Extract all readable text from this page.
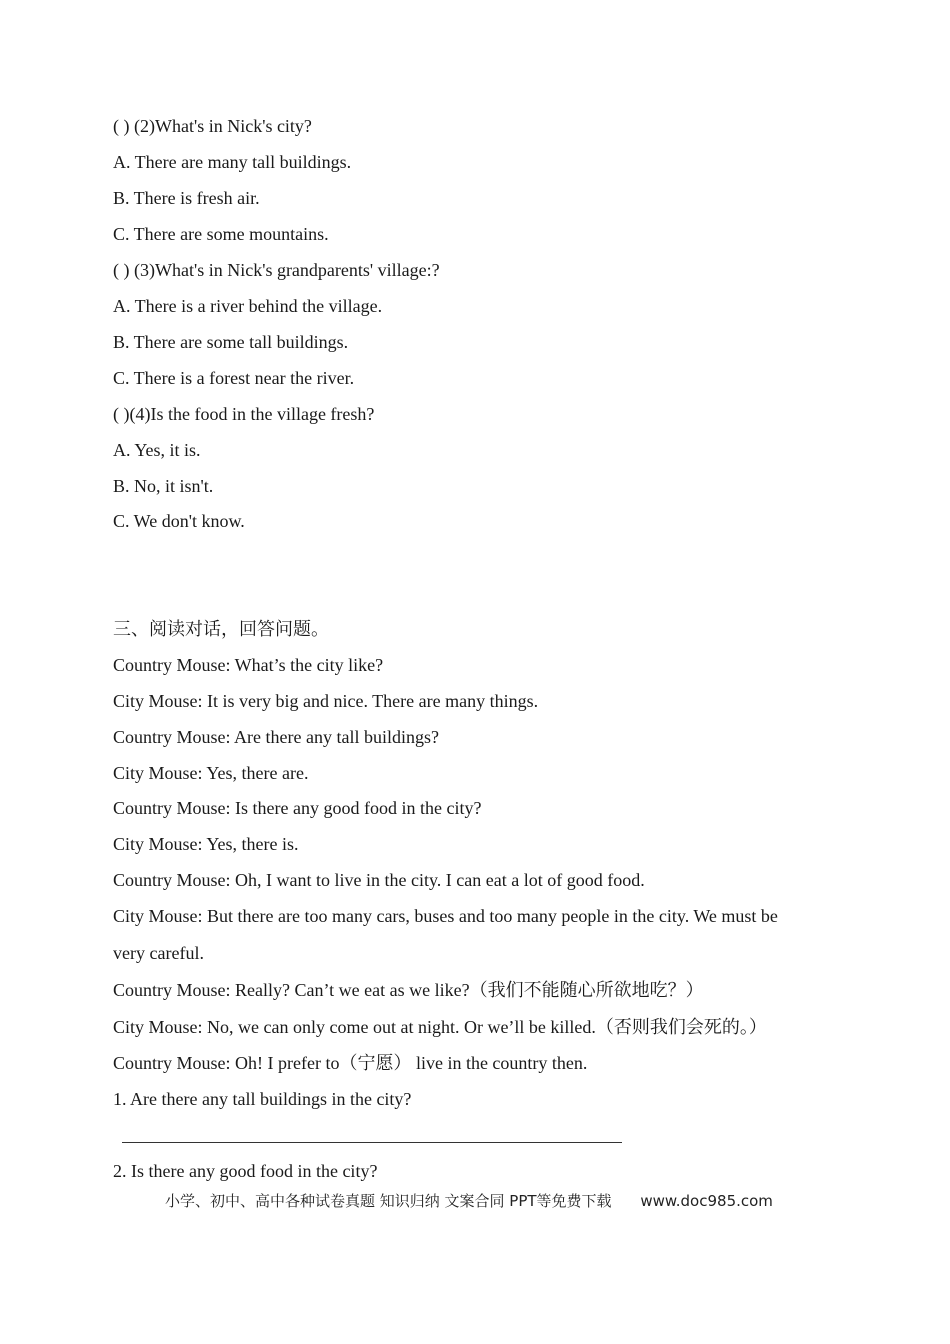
( ) (2)What's in Nick's city?
A. There are many tall buildings.
B. There is fresh air.
C. There are some mountains.
( ) (3)What's in Nick's grandparents' village:?
A. There is a river behind the village.
B. There are some tall buildings.
C. There is a forest near the river.
( )(4)Is the food in the village fresh?
A. Yes, it is.
B. No, it isn't.
C. We don't know.
三、阅读对话，回答问题。
Country Mouse: What’s the city like?
City Mouse: It is very big and nice. There are many things.
Country Mouse: Are there any tall buildings?
City Mouse: Yes, there are.
Country Mouse: Is there any good food in the city?
City Mouse: Yes, there is.
Country Mouse: Oh, I want to live in the city. I can eat a lot of good food.
City Mouse: But there are too many cars, buses and too many people in the city. We must be
very careful.
Country Mouse: Really? Can’t we eat as we like?（我们不能随心所欲地吃？）
City Mouse: No, we can only come out at night. Or we’ll be killed.（否则我们会死的。）
Country Mouse: Oh! I prefer to（宁愿） live in the country then.
1. Are there any tall buildings in the city?
2. Is there any good food in the city?
小学、初中、高中各种试卷真题 知识归纳 文案合同 PPT等免费下载 www.doc985.com
